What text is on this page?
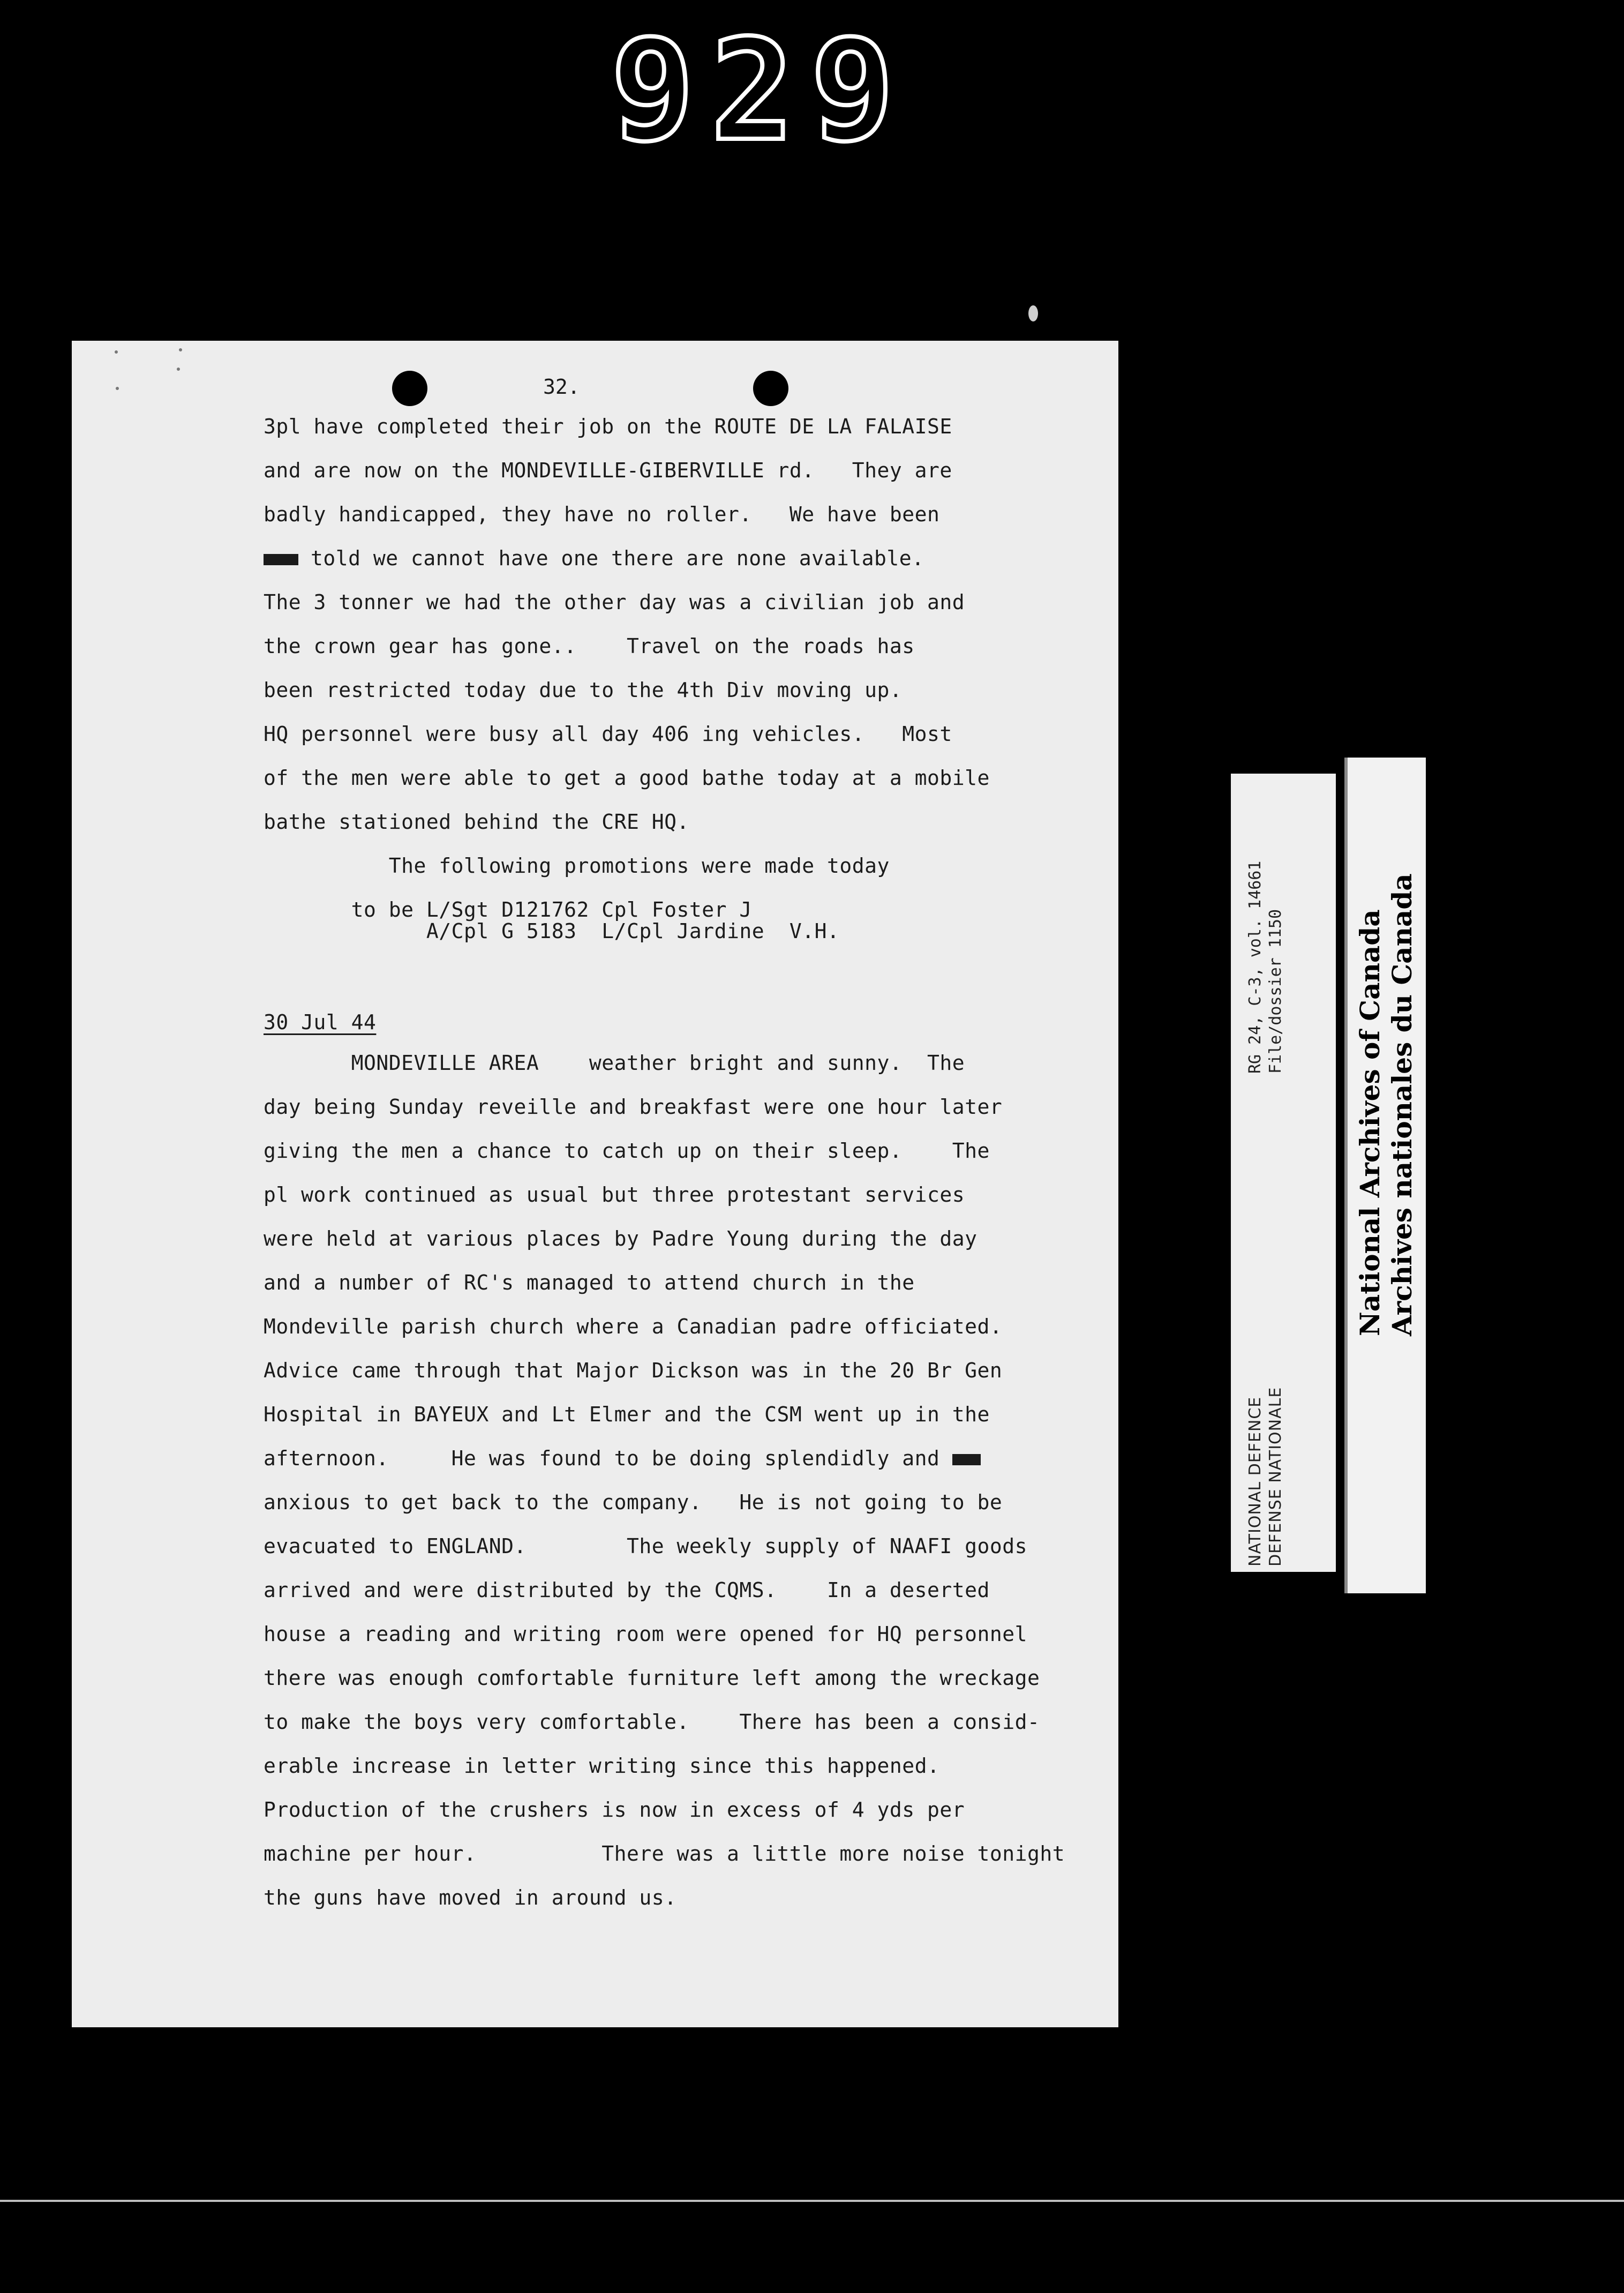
929
32.

3pl have completed their job on the ROUTE DE LA FALAISE

and are now on the MONDEVILLE-GIBERVILLE rd.   They are

badly handicapped, they have no roller.   We have been

told we cannot have one there are none available.

The 3 tonner we had the other day was a civilian job and

the crown gear has gone..    Travel on the roads has

been restricted today due to the 4th Div moving up.

HQ personnel were busy all day 406 ing vehicles.   Most

of the men were able to get a good bathe today at a mobile

bathe stationed behind the CRE HQ.

The following promotions were made today

to be L/Sgt D121762 Cpl Foster J

A/Cpl G 5183  L/Cpl Jardine  V.H.

30 Jul 44

MONDEVILLE AREA    weather bright and sunny.  The

day being Sunday reveille and breakfast were one hour later

giving the men a chance to catch up on their sleep.    The

pl work continued as usual but three protestant services

were held at various places by Padre Young during the day

and a number of RC's managed to attend church in the

Mondeville parish church where a Canadian padre officiated.

Advice came through that Major Dickson was in the 20 Br Gen

Hospital in BAYEUX and Lt Elmer and the CSM went up in the

afternoon.     He was found to be doing splendidly and

anxious to get back to the company.   He is not going to be

evacuated to ENGLAND.        The weekly supply of NAAFI goods

arrived and were distributed by the CQMS.    In a deserted

house a reading and writing room were opened for HQ personnel

there was enough comfortable furniture left among the wreckage

to make the boys very comfortable.    There has been a consid-

erable increase in letter writing since this happened.

Production of the crushers is now in excess of 4 yds per

machine per hour.          There was a little more noise tonight

the guns have moved in around us.

RG 24, C-3, vol. 14661 File/dossier 1150
NATIONAL DEFENCE DEFENSE NATIONALE
National Archives of Canada Archives nationales du Canada
